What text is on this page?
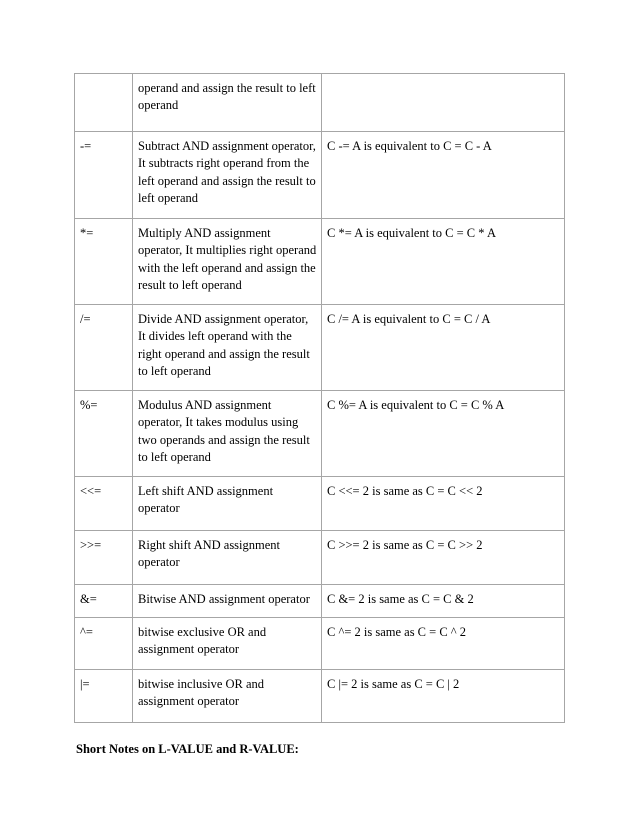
	operand and assign the result to left
operand	

-=	Subtract AND assignment operator,
It subtracts right operand from the
left operand and assign the result to
left operand	C -= A is equivalent to C = C - A
*=	Multiply AND assignment
operator, It multiplies right operand
with the left operand and assign the
result to left operand	C *= A is equivalent to C = C * A
/=	Divide AND assignment operator,
It divides left operand with the
right operand and assign the result
to left operand	C /= A is equivalent to C = C / A
%=	Modulus AND assignment
operator, It takes modulus using
two operands and assign the result
to left operand	C %= A is equivalent to C = C % A
<<=	Left shift AND assignment
operator	C <<= 2 is same as C = C << 2
>>=	Right shift AND assignment
operator	C >>= 2 is same as C = C >> 2
&=	Bitwise AND assignment operator	C &= 2 is same as C = C & 2
^=	bitwise exclusive OR and
assignment operator	C ^= 2 is same as C = C ^ 2
|=	bitwise inclusive OR and
assignment operator	C |= 2 is same as C = C | 2

Short Notes on L-VALUE and R-VALUE:
